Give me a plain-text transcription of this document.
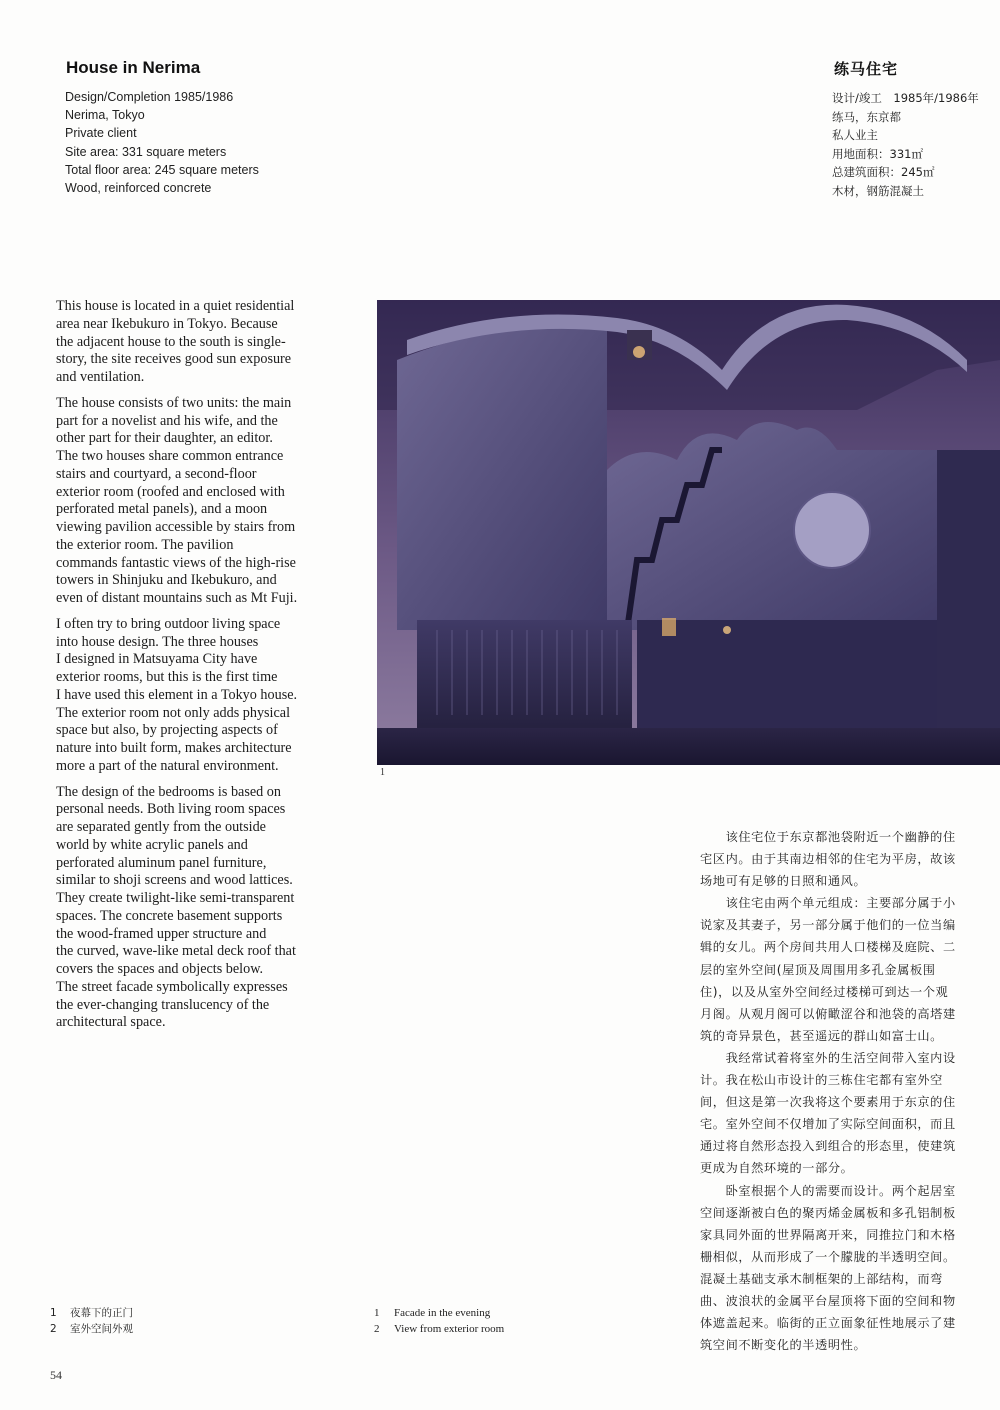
House in Nerima
Design/Completion 1985/1986
Nerima, Tokyo
Private client
Site area: 331 square meters
Total floor area: 245 square meters
Wood, reinforced concrete
练马住宅
设计/竣工　1985年/1986年
练马，东京都
私人业主
用地面积：331㎡
总建筑面积：245㎡
木材，钢筋混凝土

This house is located in a quiet residential
area near Ikebukuro in Tokyo. Because
the adjacent house to the south is single-
story, the site receives good sun exposure
and ventilation.

The house consists of two units: the main
part for a novelist and his wife, and the
other part for their daughter, an editor.
The two houses share common entrance
stairs and courtyard, a second-floor
exterior room (roofed and enclosed with
perforated metal panels), and a moon
viewing pavilion accessible by stairs from
the exterior room. The pavilion
commands fantastic views of the high-rise
towers in Shinjuku and Ikebukuro, and
even of distant mountains such as Mt Fuji.

I often try to bring outdoor living space
into house design. The three houses
I designed in Matsuyama City have
exterior rooms, but this is the first time
I have used this element in a Tokyo house.
The exterior room not only adds physical
space but also, by projecting aspects of
nature into built form, makes architecture
more a part of the natural environment.

The design of the bedrooms is based on
personal needs. Both living room spaces
are separated gently from the outside
world by white acrylic panels and
perforated aluminum panel furniture,
similar to shoji screens and wood lattices.
They create twilight-like semi-transparent
spaces. The concrete basement supports
the wood-framed upper structure and
the curved, wave-like metal deck roof that
covers the spaces and objects below.
The street facade symbolically expresses
the ever-changing translucency of the
architectural space.

1
　　该住宅位于东京都池袋附近一个幽静的住
宅区内。由于其南边相邻的住宅为平房，故该
场地可有足够的日照和通风。
　　该住宅由两个单元组成：主要部分属于小
说家及其妻子，另一部分属于他们的一位当编
辑的女儿。两个房间共用人口楼梯及庭院、二
层的室外空间(屋顶及周围用多孔金属板围
住)，以及从室外空间经过楼梯可到达一个观
月阁。从观月阁可以俯瞰涩谷和池袋的高塔建
筑的奇异景色，甚至遥远的群山如富士山。
　　我经常试着将室外的生活空间带入室内设
计。我在松山市设计的三栋住宅都有室外空
间，但这是第一次我将这个要素用于东京的住
宅。室外空间不仅增加了实际空间面积，而且
通过将自然形态投入到组合的形态里，使建筑
更成为自然环境的一部分。
　　卧室根据个人的需要而设计。两个起居室
空间逐渐被白色的聚丙烯金属板和多孔铝制板
家具同外面的世界隔离开来，同推拉门和木格
栅相似，从而形成了一个朦胧的半透明空间。
混凝土基础支承木制框架的上部结构，而弯
曲、波浪状的金属平台屋顶将下面的空间和物
体遮盖起来。临街的正立面象征性地展示了建
筑空间不断变化的半透明性。
1 夜幕下的正门
2 室外空间外观
1 Facade in the evening
2 View from exterior room
54
